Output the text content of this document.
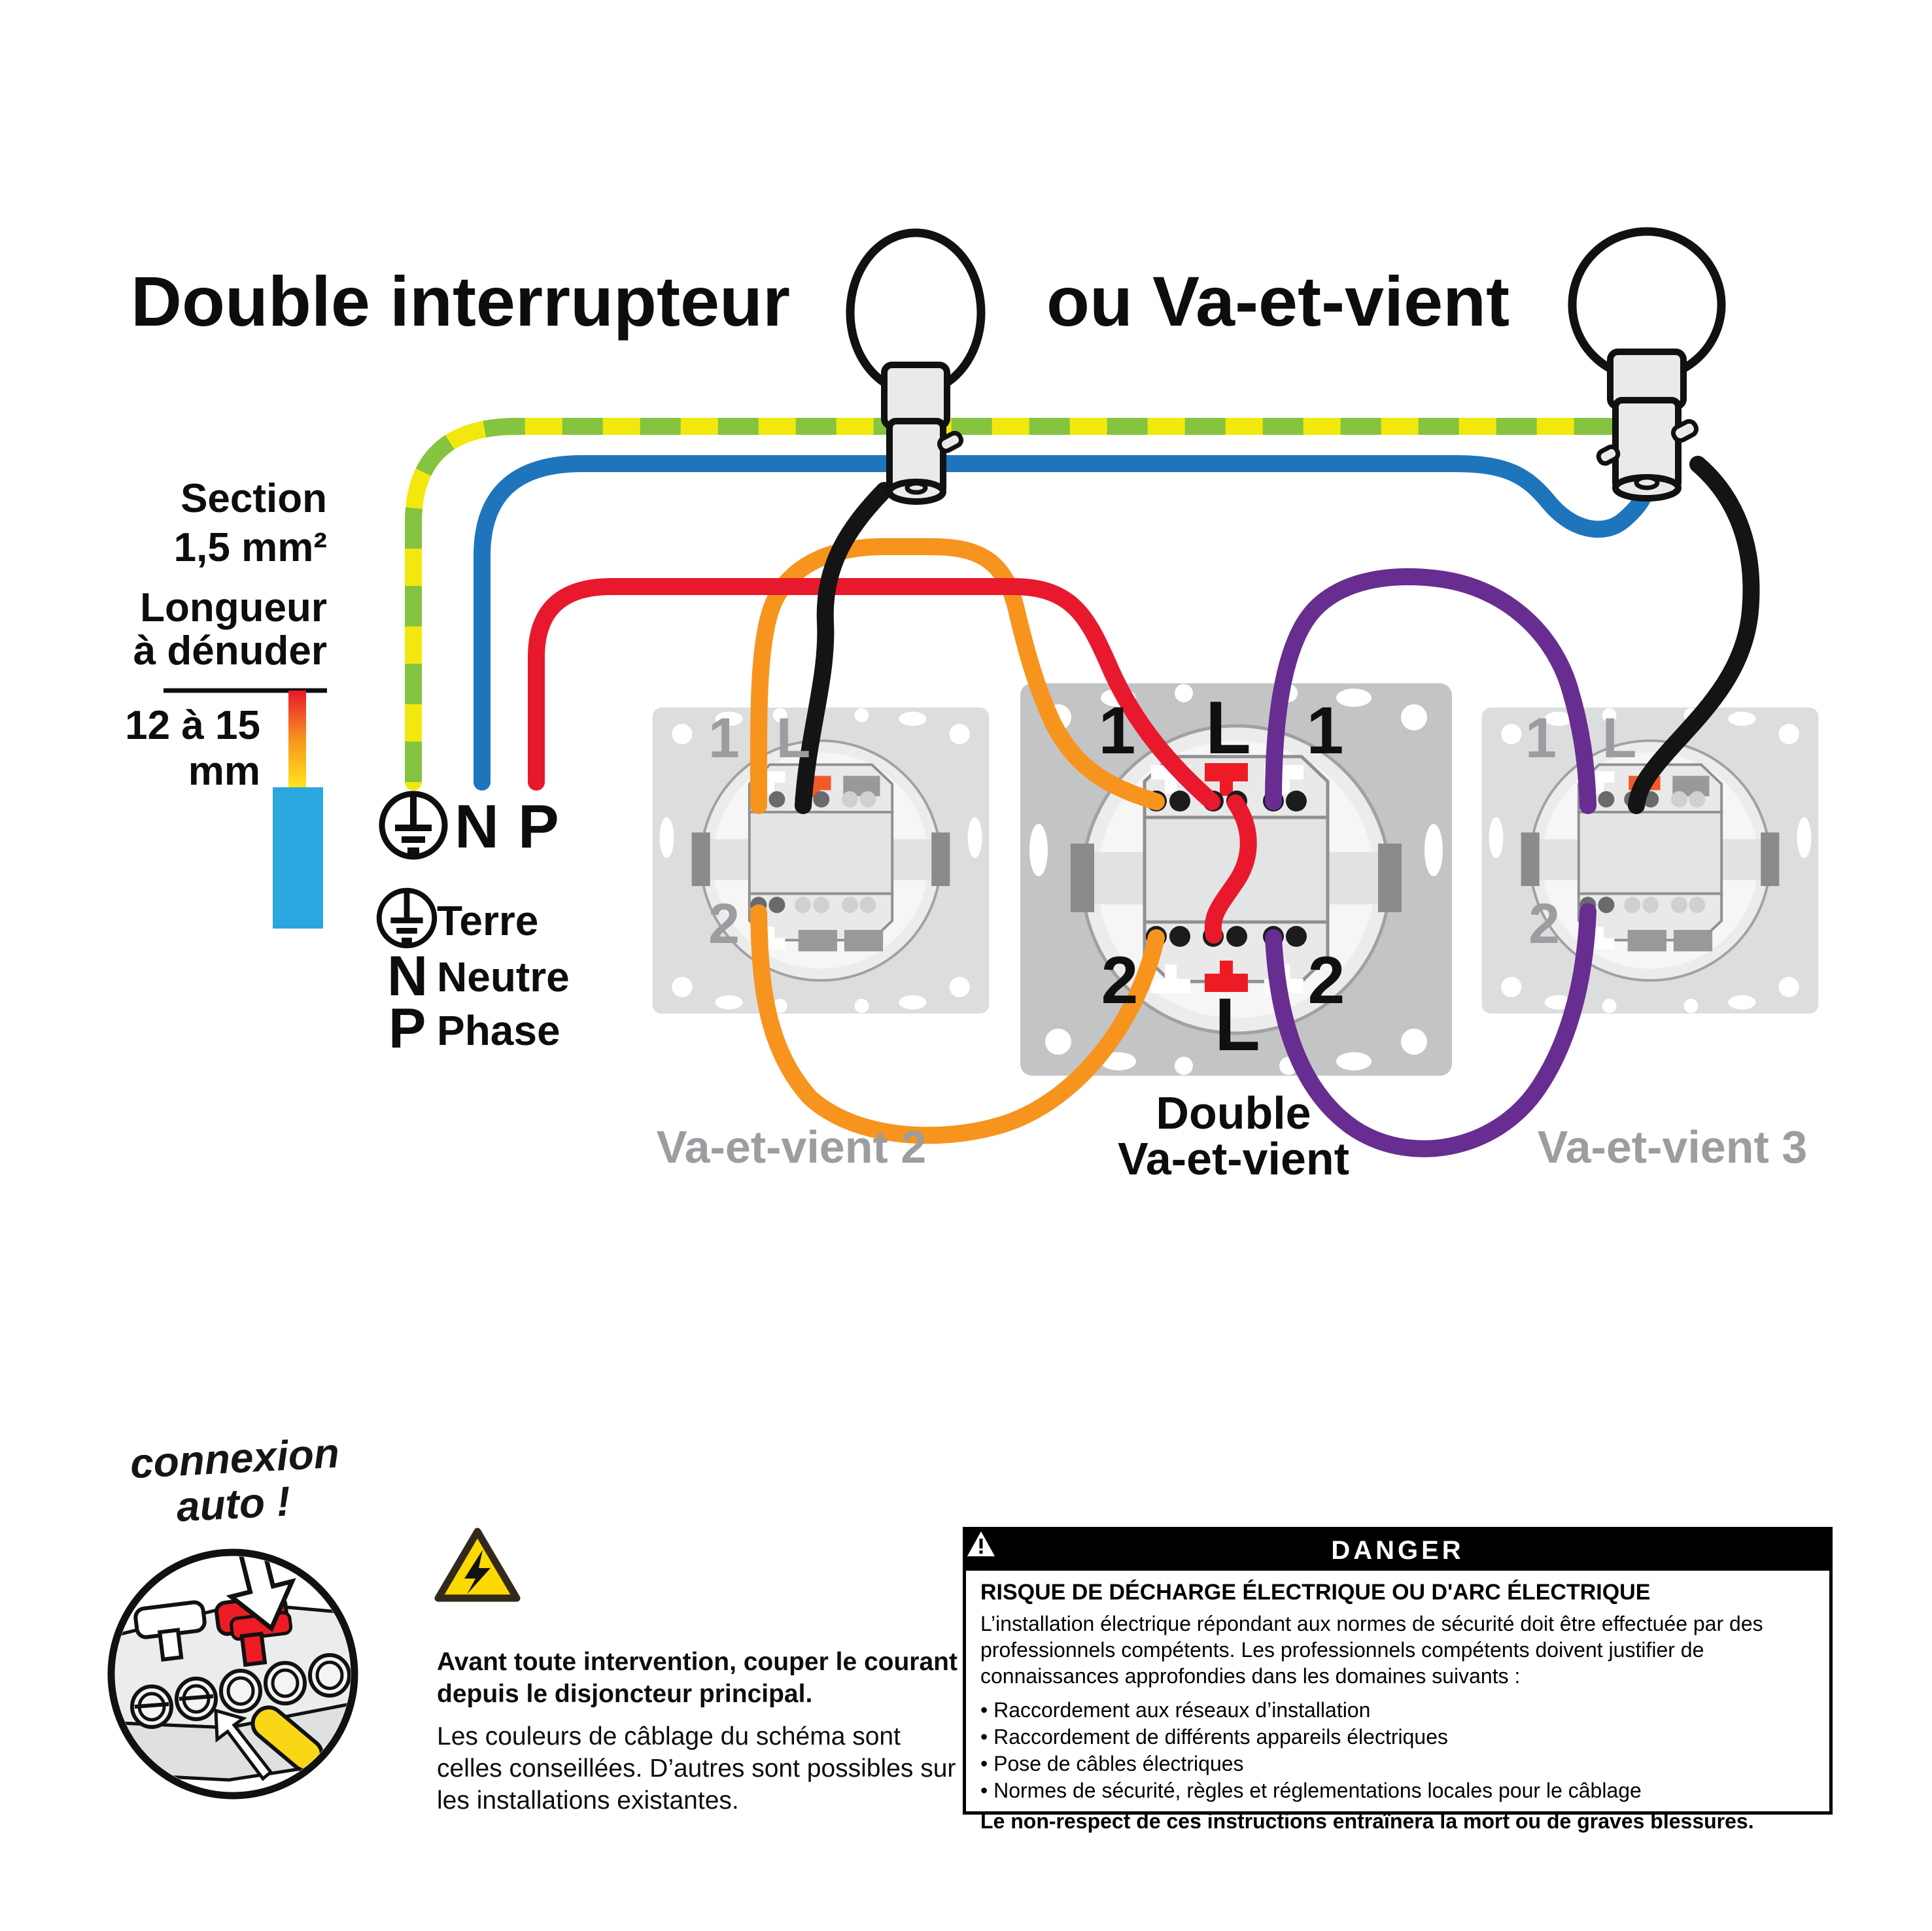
Double interrupteur	ou Va-et-vient
Section
1,5 mm²
Longueur
à dénuder
12 à 15
mm
N P
Terre
N Neutre
P Phase
1 L
2
1 L 1
2
L
2
1 L
2
Va-et-vient 2
Double
Va-et-vient	Va-et-vient 3
connexion
auto !

Avant toute intervention, couper le courant depuis le disjoncteur principal.

Les couleurs de câblage du schéma sont celles conseillées. D’autres sont possibles sur les installations existantes.

DANGER
RISQUE DE DÉCHARGE ÉLECTRIQUE OU D'ARC ÉLECTRIQUE

L’installation électrique répondant aux normes de sécurité doit être effectuée par des professionnels compétents. Les professionnels compétents doivent justifier de connaissances approfondies dans les domaines suivants :

• Raccordement aux réseaux d’installation
• Raccordement de différents appareils électriques
• Pose de câbles électriques
• Normes de sécurité, règles et réglementations locales pour le câblage
Le non-respect de ces instructions entraînera la mort ou de graves blessures.
